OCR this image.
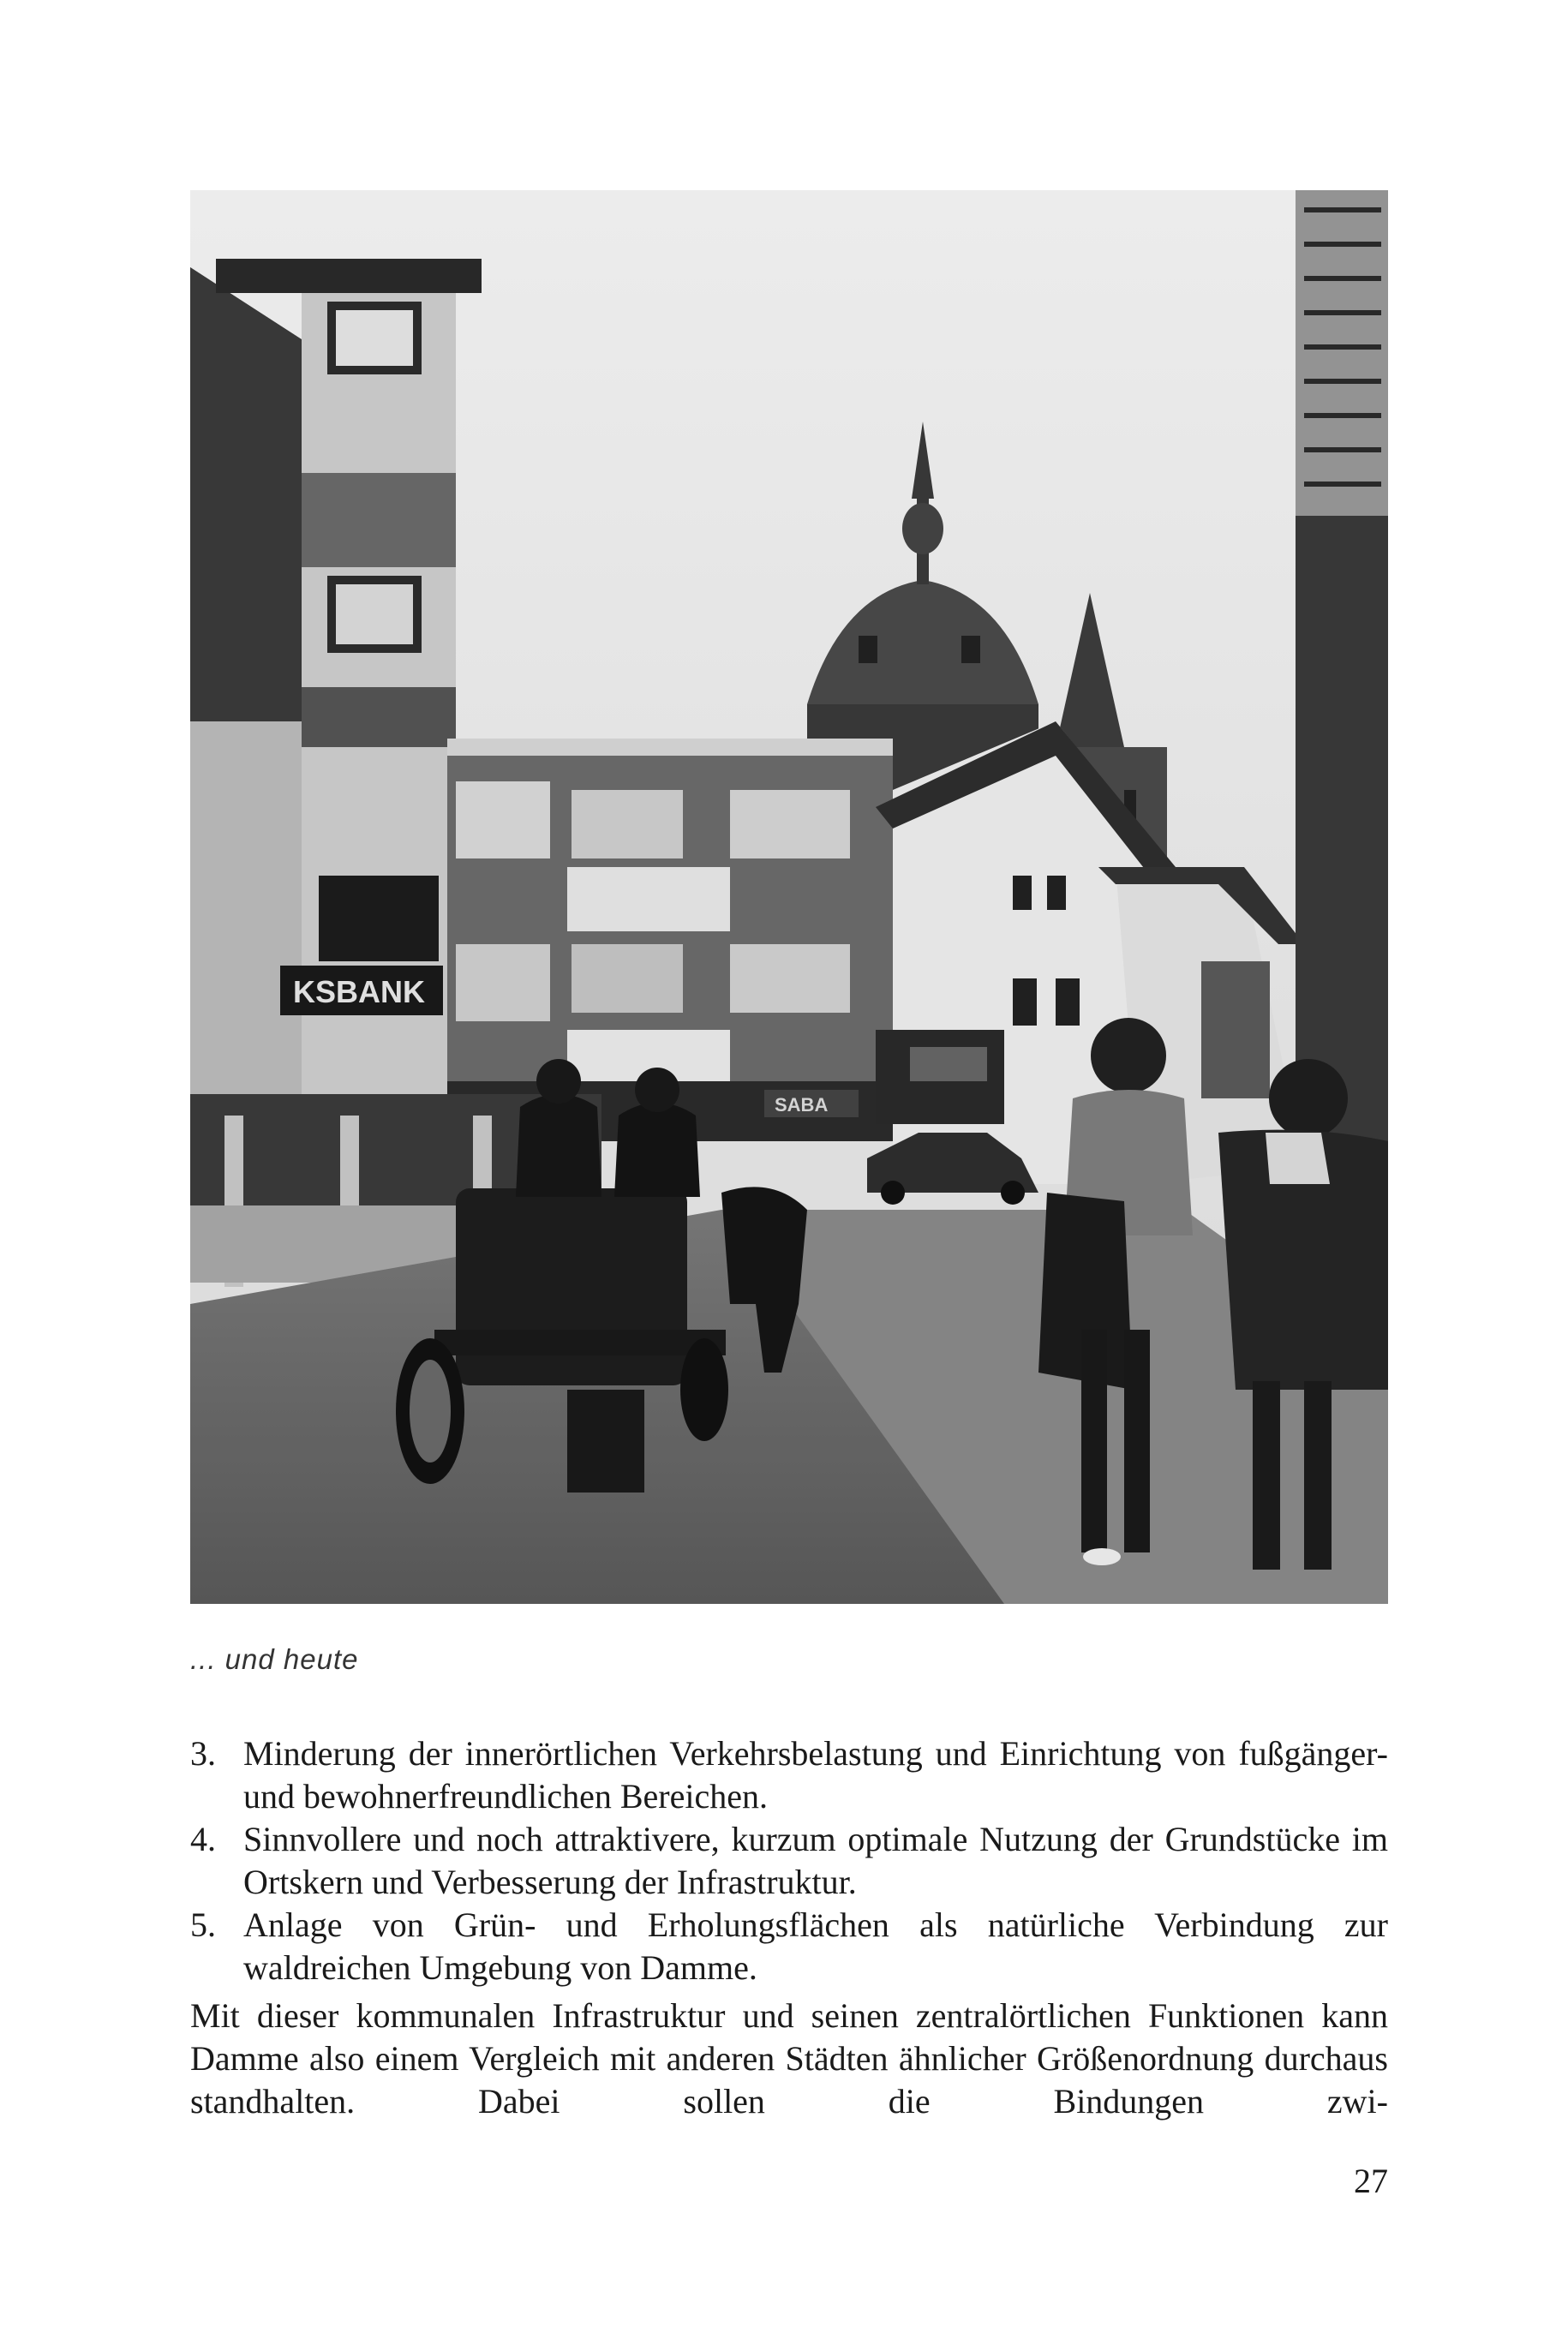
KSBANK
SABA
... und heute
3. Minderung der innerörtlichen Verkehrsbelastung und Einrichtung von fußgänger- und bewohnerfreundlichen Bereichen.
4. Sinnvollere und noch attraktivere, kurzum optimale Nutzung der Grundstücke im Ortskern und Verbesserung der Infrastruktur.
5. Anlage von Grün- und Erholungsflächen als natürliche Verbindung zur waldreichen Umgebung von Damme.

Mit dieser kommunalen Infrastruktur und seinen zentralörtlichen Funktionen kann Damme also einem Vergleich mit anderen Städten ähnlicher Größenordnung durchaus standhalten. Dabei sollen die Bindungen zwi-

27
